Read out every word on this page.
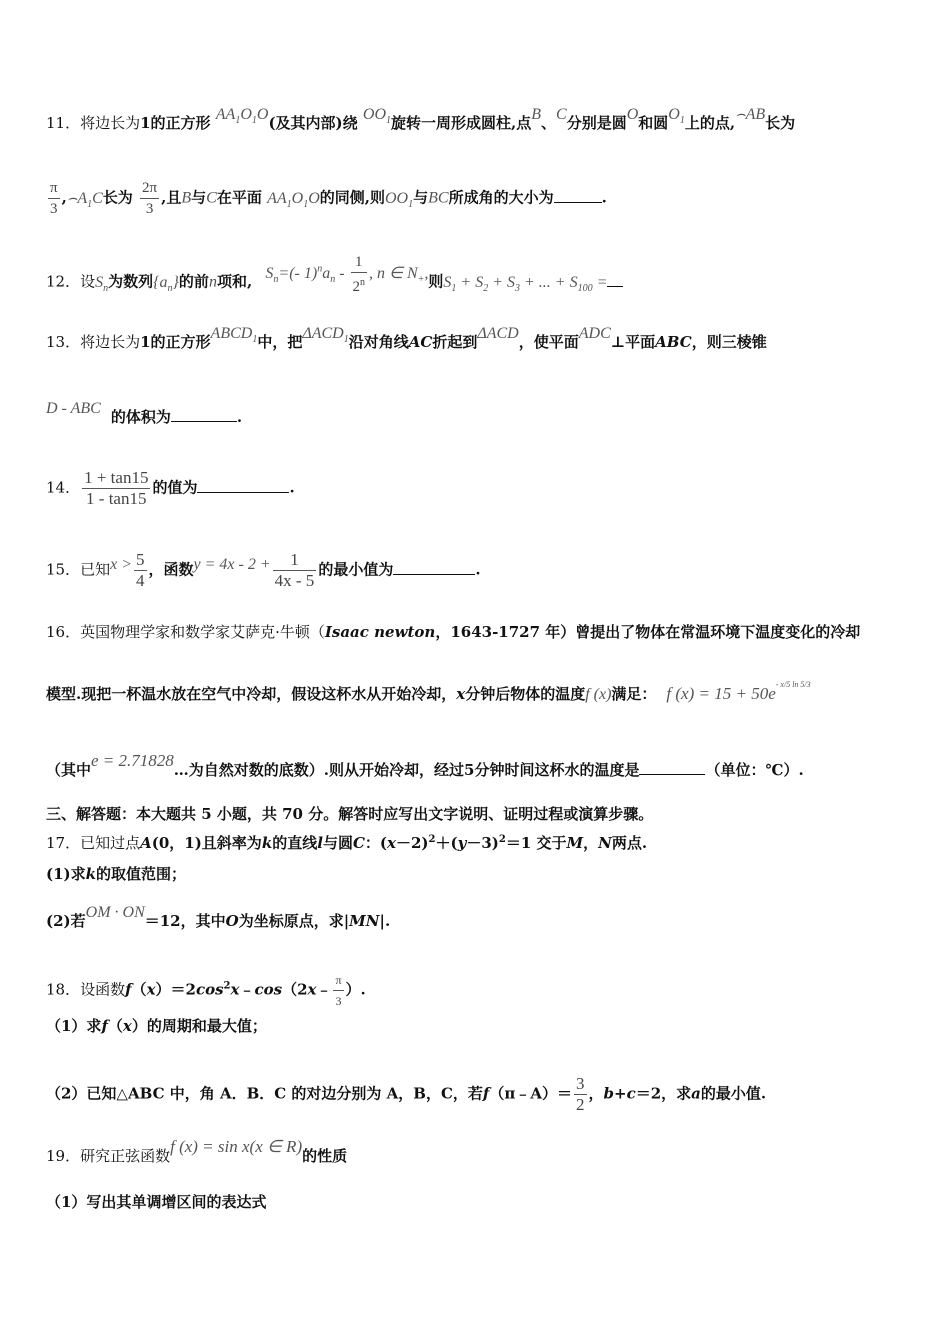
11．将边长为1的正方形 $AA_1O_1O$(及其内部)绕 $OO_1$旋转一周形成圆柱,点B、C分别是圆O和圆$O_1$上的点,⌢AB长为
$\frac{\pi}{3}$ $,⌢A_1C$长为 $\frac{2\pi}{3}$ ,且B与C在平面 $AA_1O_1O$的同侧,则$OO_1$与BC所成角的大小为	.
12．设$S_n$为数列$\{a_n\}$的前n项和, $S_n=(-$ $1)^na_n - \frac{1}{2^n}$ , n ∈ $N_+$,则$S_1 + S_2 + S_3$ + ... + $S_{100}$ =
13．将边长为1的正方形$ABCD_1$中，把$\Delta ACD_1$沿对角线AC折起到ΔACD，使平面ADC⊥平面ABC，则三棱锥
D - ABC 的体积为	.
14． $\frac{1 + \tan 15}{1 - \tan 15}$ 的值为	.
15．已知$x > \frac{5}{4}$ ，函数$y = 4x - 2 + \frac{1}{4x - 5}$ 的最小值为	.
16．英国物理学家和数学家艾萨克·牛顿（Isaac newton，1643-1727 年）曾提出了物体在常温环境下温度变化的冷却
模型.现把一杯温水放在空气中冷却，假设这杯水从开始冷却，x分钟后物体的温度f (x)满足： f $(x) = 15 + 50e^{- x/5 ln 5/3}$
（其中e = 2.71828…为自然对数的底数）.则从开始冷却，经过5分钟时间这杯水的温度是	（单位：℃）.
三、解答题：本大题共 5 小题，共 70 分。解答时应写出文字说明、证明过程或演算步骤。
17．已知过点A(0，1)且斜率为k的直线l与圆C：$(x-2)^2+(y-3)^2=1$ 交于M，N两点.
(1)求k的取值范围；
(2)若OM · ON＝12，其中O为坐标原点，求|MN|.
18．设函数$f(x)=2\cos^2x﹣\cos(2x﹣ \frac{\pi}{3}$ ）.
（1）求f（x）的周期和最大值；
（2）已知△ABC 中，角 A．B．C 的对边分别为 A，B，C，若f（π﹣A）＝ $\frac{3}{2}$ ，b+c＝2，求a的最小值.
19．研究正弦函数f (x) = sin x(x ∈ R)的性质
（1）写出其单调增区间的表达式
